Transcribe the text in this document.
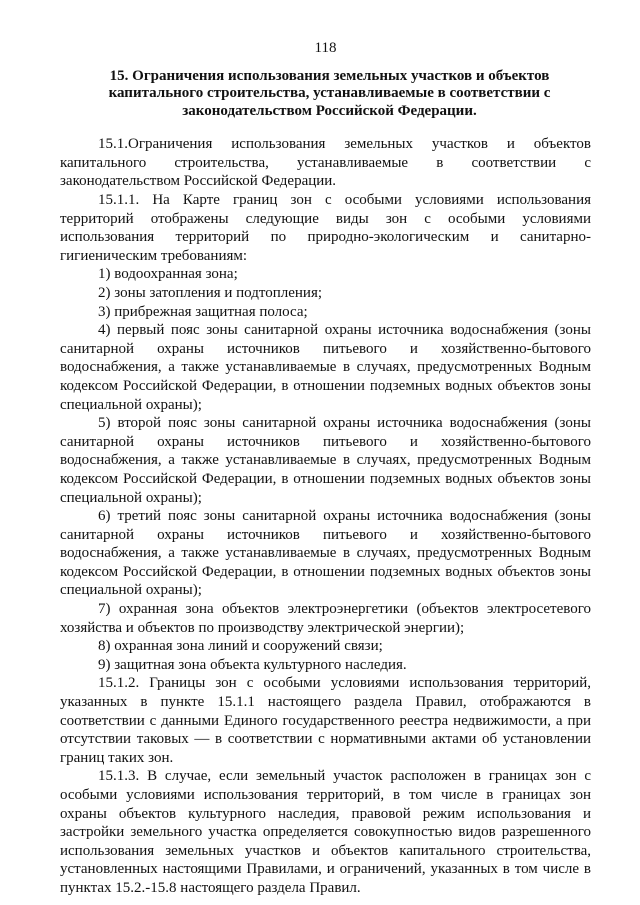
118
15. Ограничения использования земельных участков и объектов
капитального строительства, устанавливаемые в соответствии с
законодательством Российской Федерации.

15.1.Ограничения использования земельных участков и объектов капитального строительства, устанавливаемые в соответствии с законодательством Российской Федерации.

15.1.1. На Карте границ зон с особыми условиями использования территорий отображены следующие виды зон с особыми условиями использования территорий по природно-экологическим и санитарно-гигиеническим требованиям:

1) водоохранная зона;

2) зоны затопления и подтопления;

3) прибрежная защитная полоса;

4) первый пояс зоны санитарной охраны источника водоснабжения (зоны санитарной охраны источников питьевого и хозяйственно-бытового водоснабжения, а также устанавливаемые в случаях, предусмотренных Водным кодексом Российской Федерации, в отношении подземных водных объектов зоны специальной охраны);

5) второй пояс зоны санитарной охраны источника водоснабжения (зоны санитарной охраны источников питьевого и хозяйственно-бытового водоснабжения, а также устанавливаемые в случаях, предусмотренных Водным кодексом Российской Федерации, в отношении подземных водных объектов зоны специальной охраны);

6) третий пояс зоны санитарной охраны источника водоснабжения (зоны санитарной охраны источников питьевого и хозяйственно-бытового водоснабжения, а также устанавливаемые в случаях, предусмотренных Водным кодексом Российской Федерации, в отношении подземных водных объектов зоны специальной охраны);

7) охранная зона объектов электроэнергетики (объектов электросетевого хозяйства и объектов по производству электрической энергии);

8) охранная зона линий и сооружений связи;

9) защитная зона объекта культурного наследия.

15.1.2. Границы зон с особыми условиями использования территорий, указанных в пункте 15.1.1 настоящего раздела Правил, отображаются в соответствии с данными Единого государственного реестра недвижимости, а при отсутствии таковых — в соответствии с нормативными актами об установлении границ таких зон.

15.1.3. В случае, если земельный участок расположен в границах зон с особыми условиями использования территорий, в том числе в границах зон охраны объектов культурного наследия, правовой режим использования и застройки земельного участка определяется совокупностью видов разрешенного использования земельных участков и объектов капитального строительства, установленных настоящими Правилами, и ограничений, указанных в том числе в пунктах 15.2.-15.8 настоящего раздела Правил.
